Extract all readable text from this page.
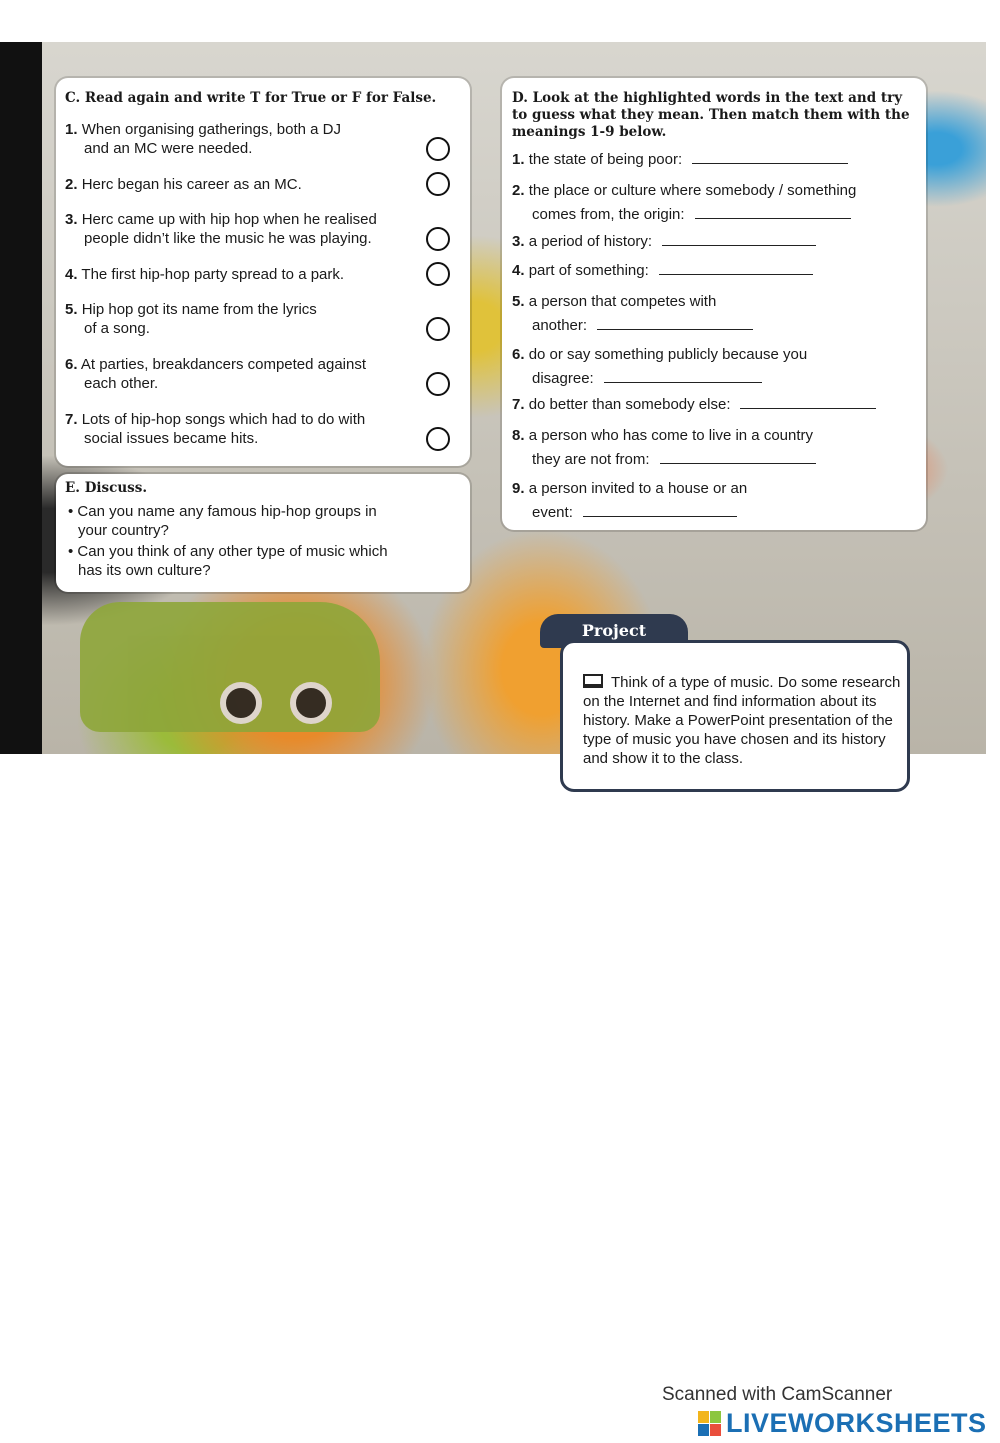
C. Read again and write T for True or F for False.
1. When organising gatherings, both a DJ
and an MC were needed.
2. Herc began his career as an MC.
3. Herc came up with hip hop when he realised
people didn’t like the music he was playing.
4. The first hip-hop party spread to a park.
5. Hip hop got its name from the lyrics
of a song.
6. At parties, breakdancers competed against
each other.
7. Lots of hip-hop songs which had to do with
social issues became hits.
E. Discuss.
• Can you name any famous hip-hop groups in
your country?
• Can you think of any other type of music which
has its own culture?
D. Look at the highlighted words in the text and try
to guess what they mean. Then match them with the
meanings 1-9 below.
1. the state of being poor:
2. the place or culture where somebody / something
comes from, the origin:
3. a period of history:
4. part of something:
5. a person that competes with
another:
6. do or say something publicly because you
disagree:
7. do better than somebody else:
8. a person who has come to live in a country
they are not from:
9. a person invited to a house or an
event:
Project
Think of a type of music. Do some research on the Internet and find information about its history. Make a PowerPoint presentation of the type of music you have chosen and its history and show it to the class.
Scanned with CamScanner
LIVEWORKSHEETS
